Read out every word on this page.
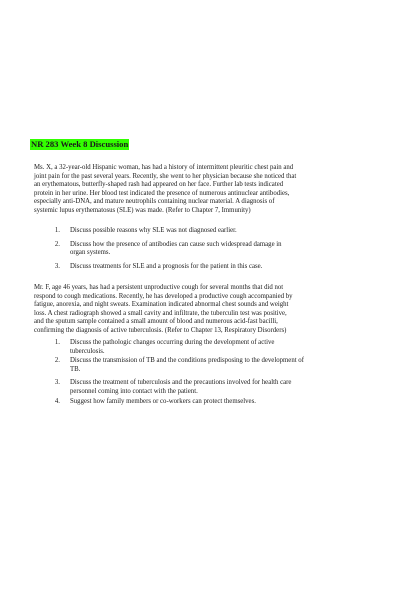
NR 283 Week 8 Discussion

Ms. X, a 32-year-old Hispanic woman, has had a history of intermittent pleuritic chest pain and
joint pain for the past several years. Recently, she went to her physician because she noticed that
an erythematous, butterfly-shaped rash had appeared on her face. Further lab tests indicated
protein in her urine. Her blood test indicated the presence of numerous antinuclear antibodies,
especially anti-DNA, and mature neutrophils containing nuclear material. A diagnosis of
systemic lupus erythematosus (SLE) was made. (Refer to Chapter 7, Immunity)

1. Discuss possible reasons why SLE was not diagnosed earlier.
2. Discuss how the presence of antibodies can cause such widespread damage in
organ systems.
3. Discuss treatments for SLE and a prognosis for the patient in this case.

Mr. F, age 46 years, has had a persistent unproductive cough for several months that did not
respond to cough medications. Recently, he has developed a productive cough accompanied by
fatigue, anorexia, and night sweats. Examination indicated abnormal chest sounds and weight
loss. A chest radiograph showed a small cavity and infiltrate, the tuberculin test was positive,
and the sputum sample contained a small amount of blood and numerous acid-fast bacilli,
confirming the diagnosis of active tuberculosis. (Refer to Chapter 13, Respiratory Disorders)

1. Discuss the pathologic changes occurring during the development of active
tuberculosis.
2. Discuss the transmission of TB and the conditions predisposing to the development of
TB.
3. Discuss the treatment of tuberculosis and the precautions involved for health care
personnel coming into contact with the patient.
4. Suggest how family members or co-workers can protect themselves.
